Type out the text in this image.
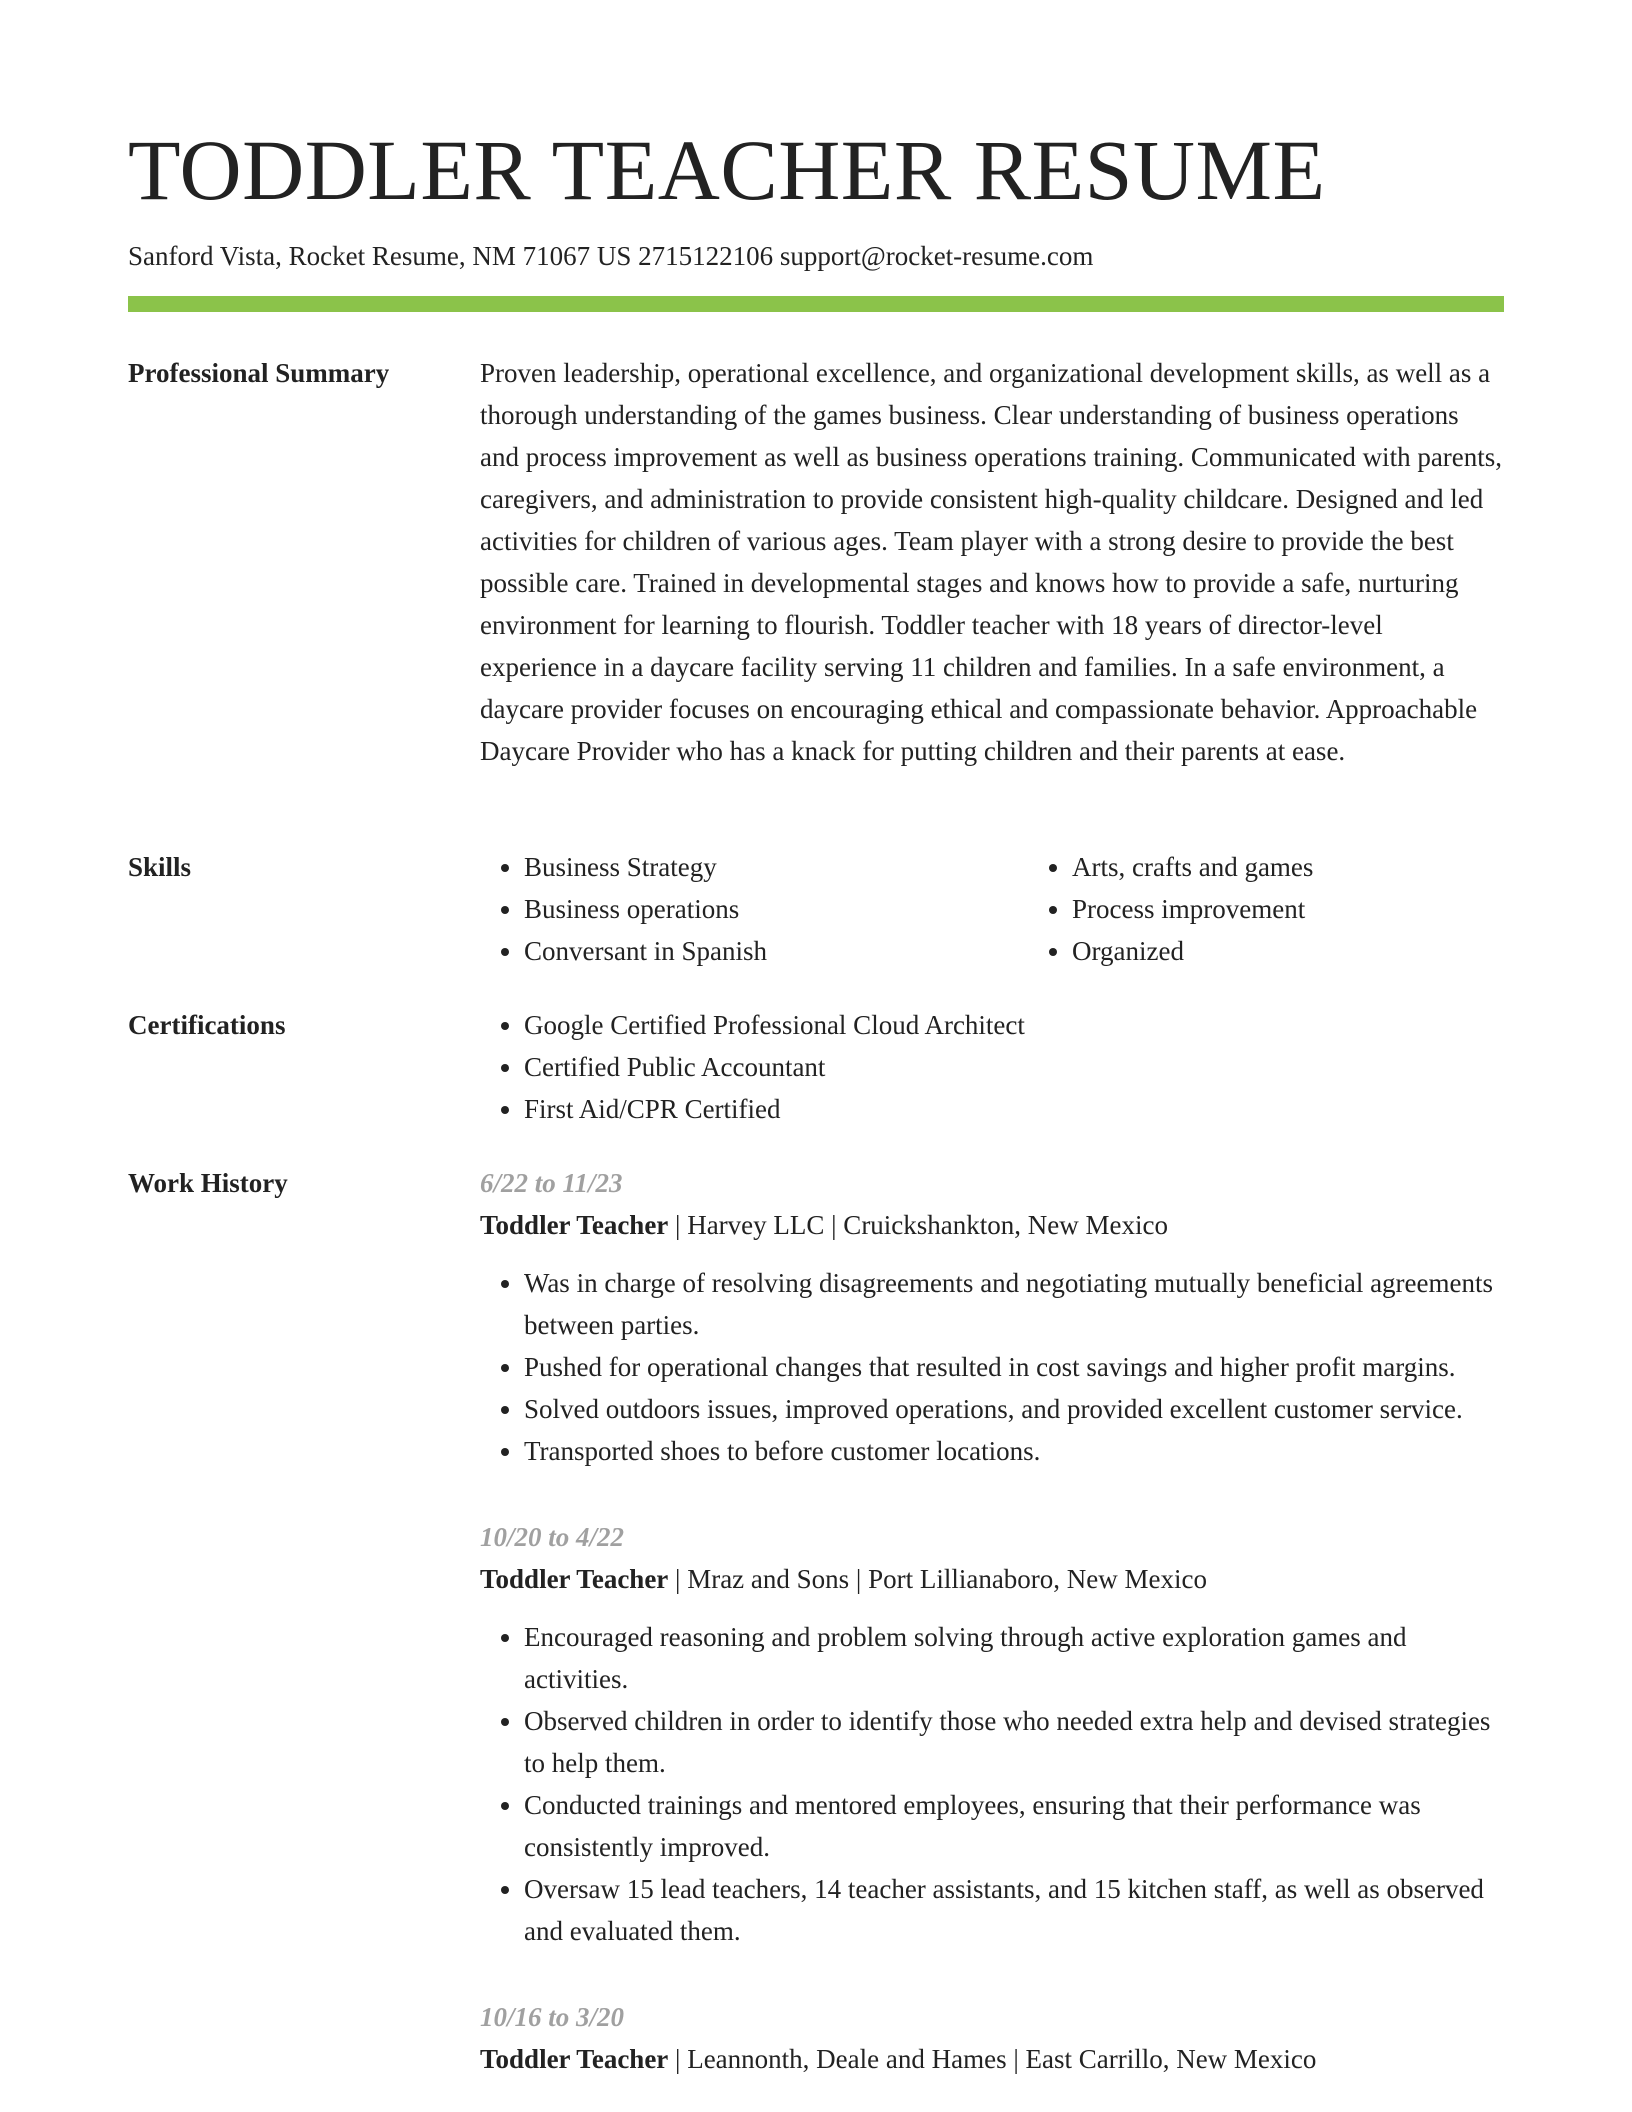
TODDLER TEACHER RESUME
Sanford Vista, Rocket Resume, NM 71067 US 2715122106 support@rocket-resume.com
Professional Summary	Proven leadership, operational excellence, and organizational development skills, as well as a thorough understanding of the games business. Clear understanding of business operations and process improvement as well as business operations training. Communicated with parents, caregivers, and administration to provide consistent high-quality childcare. Designed and led activities for children of various ages. Team player with a strong desire to provide the best possible care. Trained in developmental stages and knows how to provide a safe, nurturing environment for learning to flourish. Toddler teacher with 18 years of director-level experience in a daycare facility serving 11 children and families. In a safe environment, a daycare provider focuses on encouraging ethical and compassionate behavior. Approachable Daycare Provider who has a knack for putting children and their parents at ease.

Skills	• Business Strategy
• Business operations
• Conversant in Spanish
• Arts, crafts and games
• Process improvement
• Organized
Certifications	• Google Certified Professional Cloud Architect
• Certified Public Accountant
• First Aid/CPR Certified
Work History	6/22 to 11/23
Toddler Teacher | Harvey LLC | Cruickshankton, New Mexico
• Was in charge of resolving disagreements and negotiating mutually beneficial agreements between parties.
• Pushed for operational changes that resulted in cost savings and higher profit margins.
• Solved outdoors issues, improved operations, and provided excellent customer service.
• Transported shoes to before customer locations.
10/20 to 4/22
Toddler Teacher | Mraz and Sons | Port Lillianaboro, New Mexico
• Encouraged reasoning and problem solving through active exploration games and activities.
• Observed children in order to identify those who needed extra help and devised strategies to help them.
• Conducted trainings and mentored employees, ensuring that their performance was consistently improved.
• Oversaw 15 lead teachers, 14 teacher assistants, and 15 kitchen staff, as well as observed and evaluated them.
10/16 to 3/20
Toddler Teacher | Leannonth, Deale and Hames | East Carrillo, New Mexico
